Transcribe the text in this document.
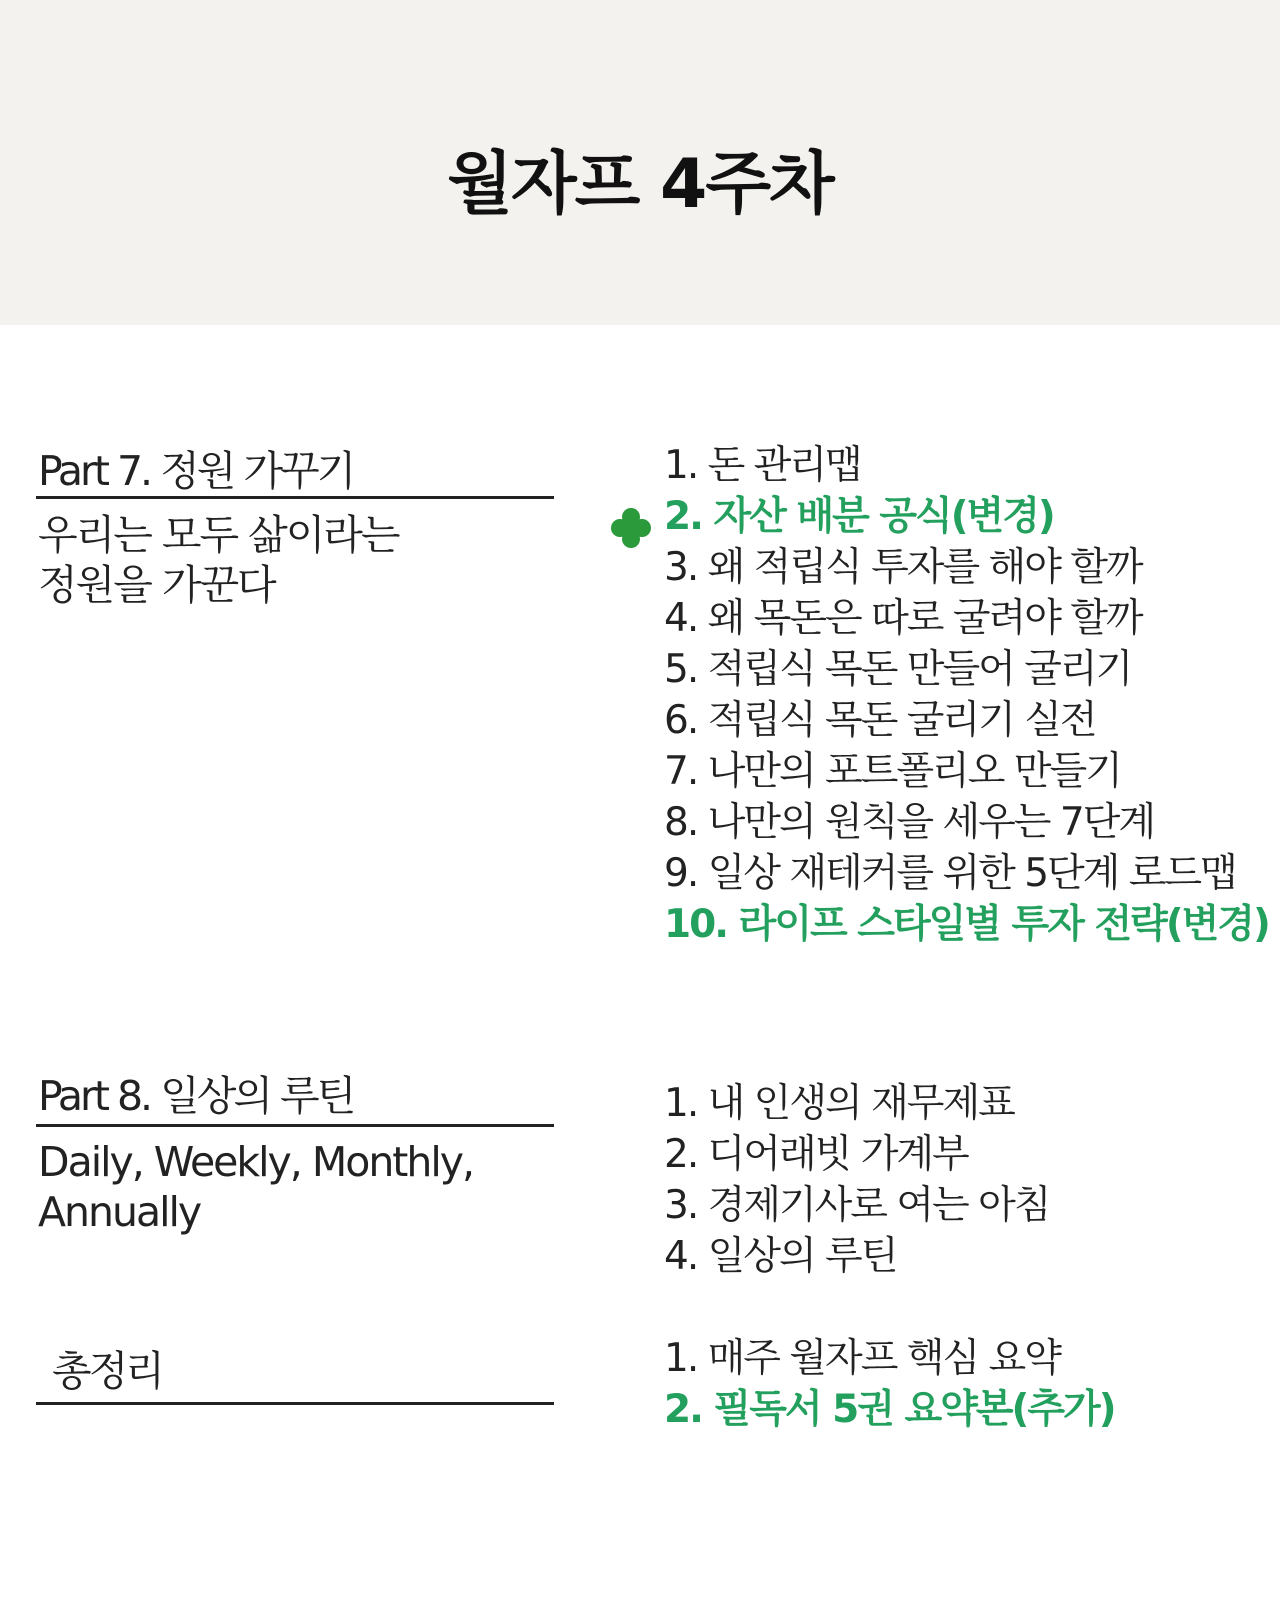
월자프 4주차
Part 7. 정원 가꾸기
우리는 모두 삶이라는
정원을 가꾼다
1. 돈 관리맵
2. 자산 배분 공식(변경)
3. 왜 적립식 투자를 해야 할까
4. 왜 목돈은 따로 굴려야 할까
5. 적립식 목돈 만들어 굴리기
6. 적립식 목돈 굴리기 실전
7. 나만의 포트폴리오 만들기
8. 나만의 원칙을 세우는 7단계
9. 일상 재테커를 위한 5단계 로드맵
10. 라이프 스타일별 투자 전략(변경)
Part 8. 일상의 루틴
Daily, Weekly, Monthly,
Annually
1. 내 인생의 재무제표
2. 디어래빗 가계부
3. 경제기사로 여는 아침
4. 일상의 루틴
총정리	1. 매주 월자프 핵심 요약
2. 필독서 5권 요약본(추가)
